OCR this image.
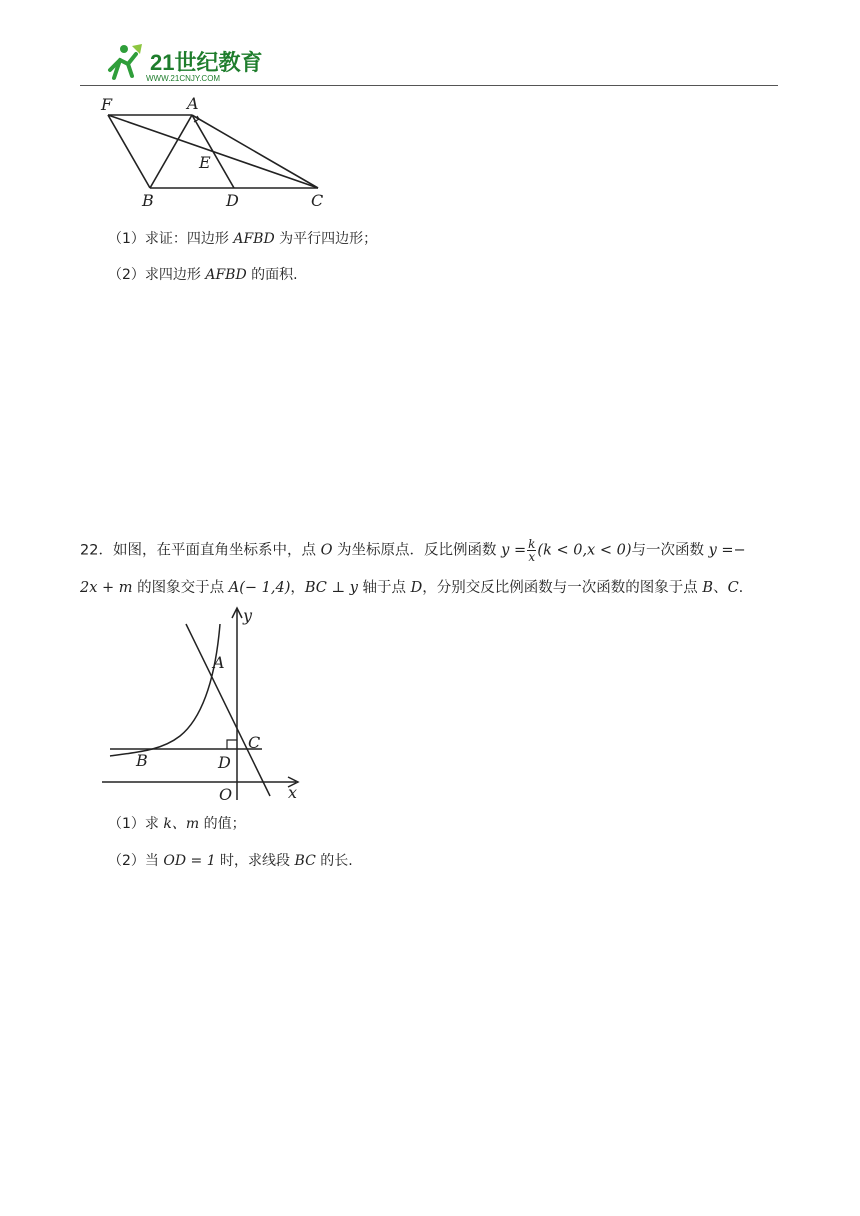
21世纪教育
WWW.21CNJY.COM
F	A
E
B	D	C
（1）求证：四边形 AFBD 为平行四边形；
（2）求四边形 AFBD 的面积.
22．如图，在平面直角坐标系中，点 O 为坐标原点．反比例函数 $y = \frac{k}{x} (k < 0,x < 0)$与一次函数 y =−
2x + m 的图象交于点 A(− 1,4)，BC ⊥ y 轴于点 D，分别交反比例函数与一次函数的图象于点 B、C.
y
x
A
B
C
D
O
（1）求 k、m 的值；
（2）当 OD = 1 时，求线段 BC 的长.
